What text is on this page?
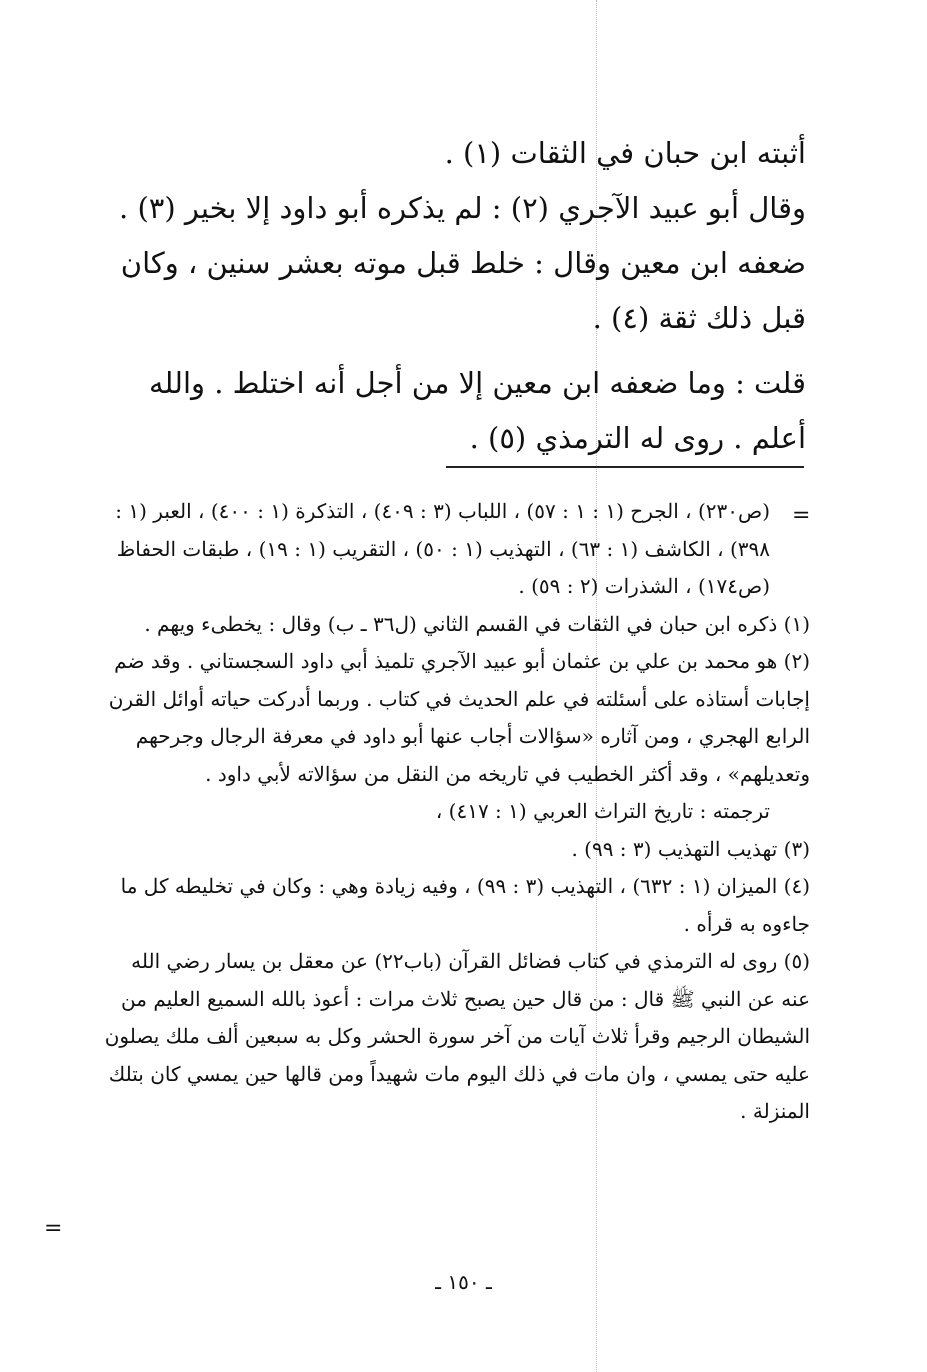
أثبته ابن حبان في الثقات (١) .

وقال أبو عبيد الآجري (٢) : لم يذكره أبو داود إلا بخير (٣) .

ضعفه ابن معين وقال : خلط قبل موته بعشر سنين ، وكان قبل ذلك ثقة (٤) .

قلت : وما ضعفه ابن معين إلا من أجل أنه اختلط . والله أعلم . روى له الترمذي (٥) .

=

(ص٢٣٠) ، الجرح (١ : ١ : ٥٧) ، اللباب (٣ : ٤٠٩) ، التذكرة (١ : ٤٠٠) ، العبر (١ : ٣٩٨) ، الكاشف (١ : ٦٣) ، التهذيب (١ : ٥٠) ، التقريب (١ : ١٩) ، طبقات الحفاظ (ص١٧٤) ، الشذرات (٢ : ٥٩) .

(١) ذكره ابن حبان في الثقات في القسم الثاني (ل٣٦ ـ ب) وقال : يخطىء ويهم .

(٢) هو محمد بن علي بن عثمان أبو عبيد الآجري تلميذ أبي داود السجستاني . وقد ضم إجابات أستاذه على أسئلته في علم الحديث في كتاب . وربما أدركت حياته أوائل القرن الرابع الهجري ، ومن آثاره «سؤالات أجاب عنها أبو داود في معرفة الرجال وجرحهم وتعديلهم» ، وقد أكثر الخطيب في تاريخه من النقل من سؤالاته لأبي داود .

ترجمته : تاريخ التراث العربي (١ : ٤١٧) ،

(٣) تهذيب التهذيب (٣ : ٩٩) .

(٤) الميزان (١ : ٦٣٢) ، التهذيب (٣ : ٩٩) ، وفيه زيادة وهي : وكان في تخليطه كل ما جاءوه به قرأه .

(٥) روى له الترمذي في كتاب فضائل القرآن (باب٢٢) عن معقل بن يسار رضي الله عنه عن النبي ﷺ قال : من قال حين يصبح ثلاث مرات : أعوذ بالله السميع العليم من الشيطان الرجيم وقرأ ثلاث آيات من آخر سورة الحشر وكل به سبعين ألف ملك يصلون عليه حتى يمسي ، وان مات في ذلك اليوم مات شهيداً ومن قالها حين يمسي كان بتلك المنزلة .

=
ـ ١٥٠ ـ
